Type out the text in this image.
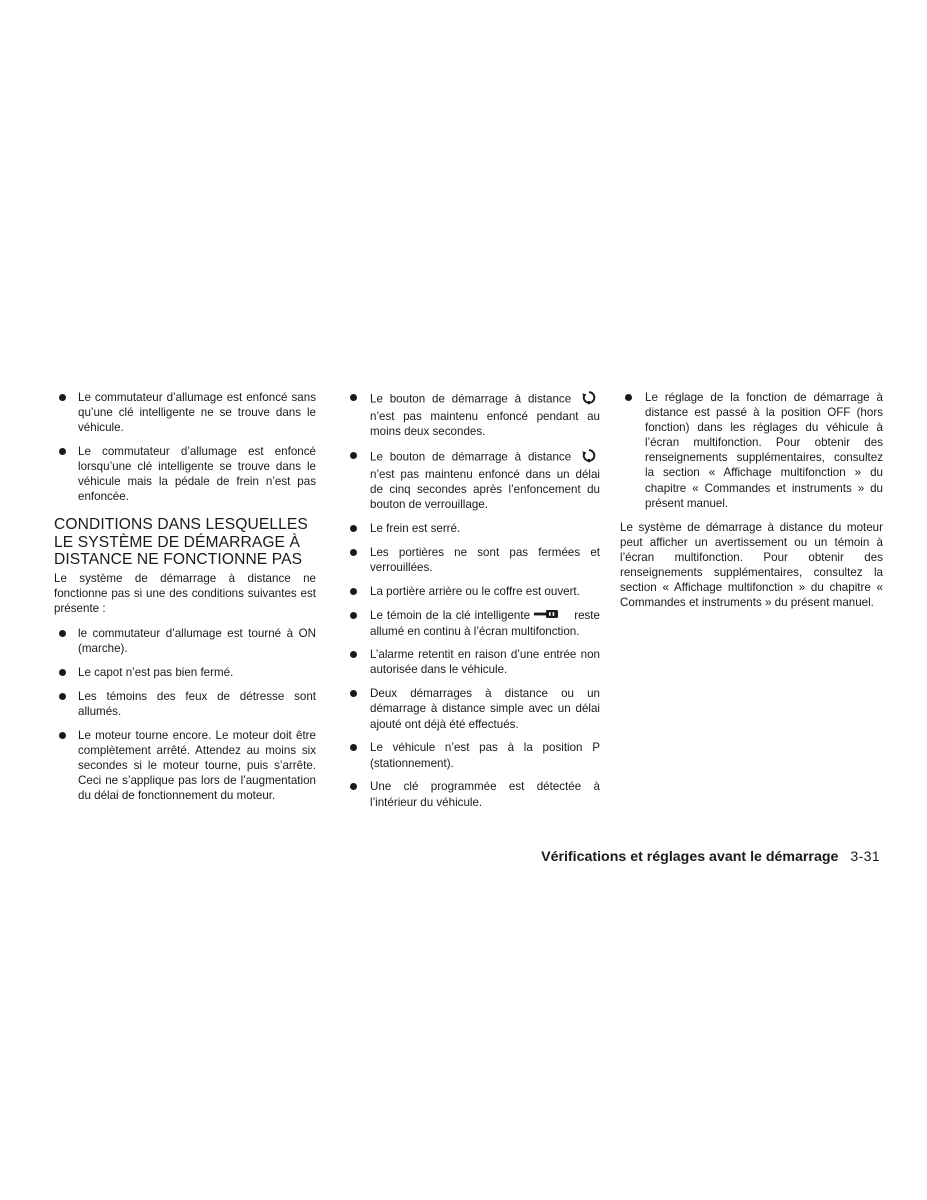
Le commutateur d’allumage est enfoncé sans qu’une clé intelligente ne se trouve dans le véhicule.
Le commutateur d’allumage est enfoncé lorsqu’une clé intelligente se trouve dans le véhicule mais la pédale de frein n’est pas enfoncée.
CONDITIONS DANS LESQUELLES LE SYSTÈME DE DÉMARRAGE À DISTANCE NE FONCTIONNE PAS

Le système de démarrage à distance ne fonctionne pas si une des conditions suivantes est présente :

le commutateur d’allumage est tourné à ON (marche).
Le capot n’est pas bien fermé.
Les témoins des feux de détresse sont allumés.
Le moteur tourne encore. Le moteur doit être complètement arrêté. Attendez au moins six secondes si le moteur tourne, puis s’arrête. Ceci ne s’applique pas lors de l’augmentation du délai de fonctionnement du moteur.
Le bouton de démarrage à distance  n’est pas maintenu enfoncé pendant au moins deux secondes.
Le bouton de démarrage à distance  n’est pas maintenu enfoncé dans un délai de cinq secondes après l’enfoncement du bouton de verrouillage.
Le frein est serré.
Les portières ne sont pas fermées et verrouillées.
La portière arrière ou le coffre est ouvert.
Le témoin de la clé intelligente	reste allumé en continu à l’écran multifonction.
L’alarme retentit en raison d’une entrée non autorisée dans le véhicule.
Deux démarrages à distance ou un démarrage à distance simple avec un délai ajouté ont déjà été effectués.
Le véhicule n’est pas à la position P (stationnement).
Une clé programmée est détectée à l’intérieur du véhicule.
Le réglage de la fonction de démarrage à distance est passé à la position OFF (hors fonction) dans les réglages du véhicule à l’écran multifonction. Pour obtenir des renseignements supplémentaires, consultez la section « Affichage multifonction » du chapitre « Commandes et instruments » du présent manuel.

Le système de démarrage à distance du moteur peut afficher un avertissement ou un témoin à l’écran multifonction. Pour obtenir des renseignements supplémentaires, consultez la section « Affichage multifonction » du chapitre « Commandes et instruments » du présent manuel.

Vérifications et réglages avant le démarrage 3-31
